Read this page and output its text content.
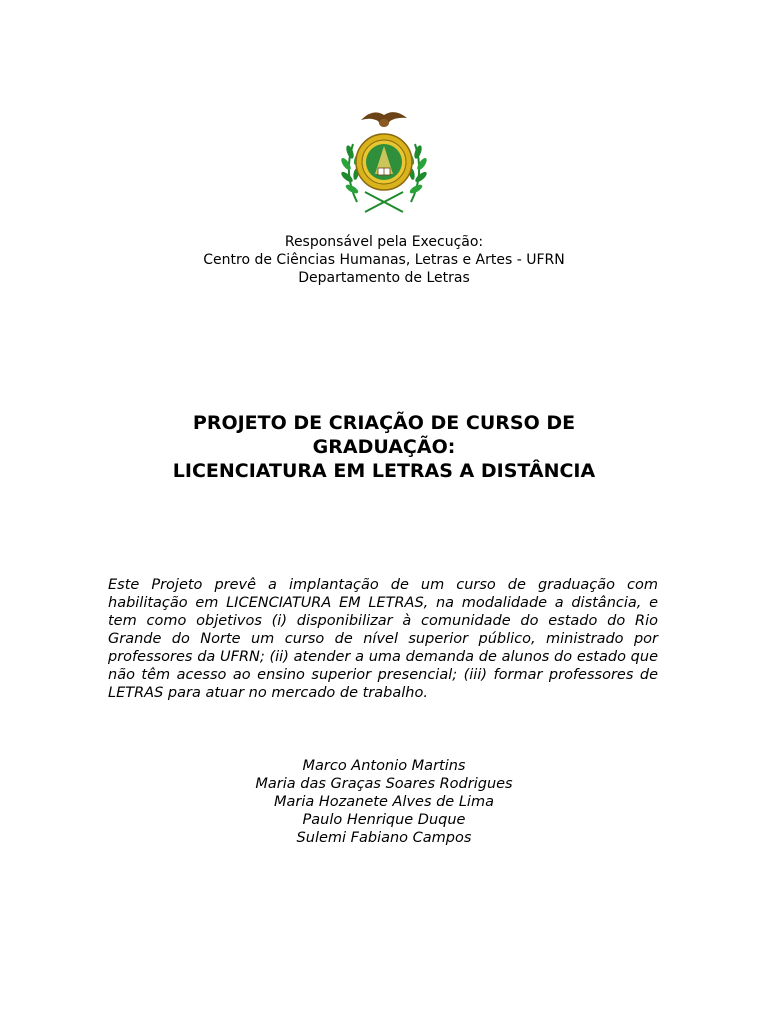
Responsável pela Execução:
Centro de Ciências Humanas, Letras e Artes - UFRN
Departamento de Letras
PROJETO DE CRIAÇÃO DE CURSO DE
GRADUAÇÃO:
LICENCIATURA EM LETRAS A DISTÂNCIA
Este Projeto prevê a implantação de um curso de graduação com habilitação em LICENCIATURA EM LETRAS, na modalidade a distância, e tem como objetivos (i) disponibilizar à comunidade do estado do Rio Grande do Norte um curso de nível superior público, ministrado por professores da UFRN; (ii) atender a uma demanda de alunos do estado que não têm acesso ao ensino superior presencial; (iii) formar professores de LETRAS para atuar no mercado de trabalho.
Marco Antonio Martins
Maria das Graças Soares Rodrigues
Maria Hozanete Alves de Lima
Paulo Henrique Duque
Sulemi Fabiano Campos
